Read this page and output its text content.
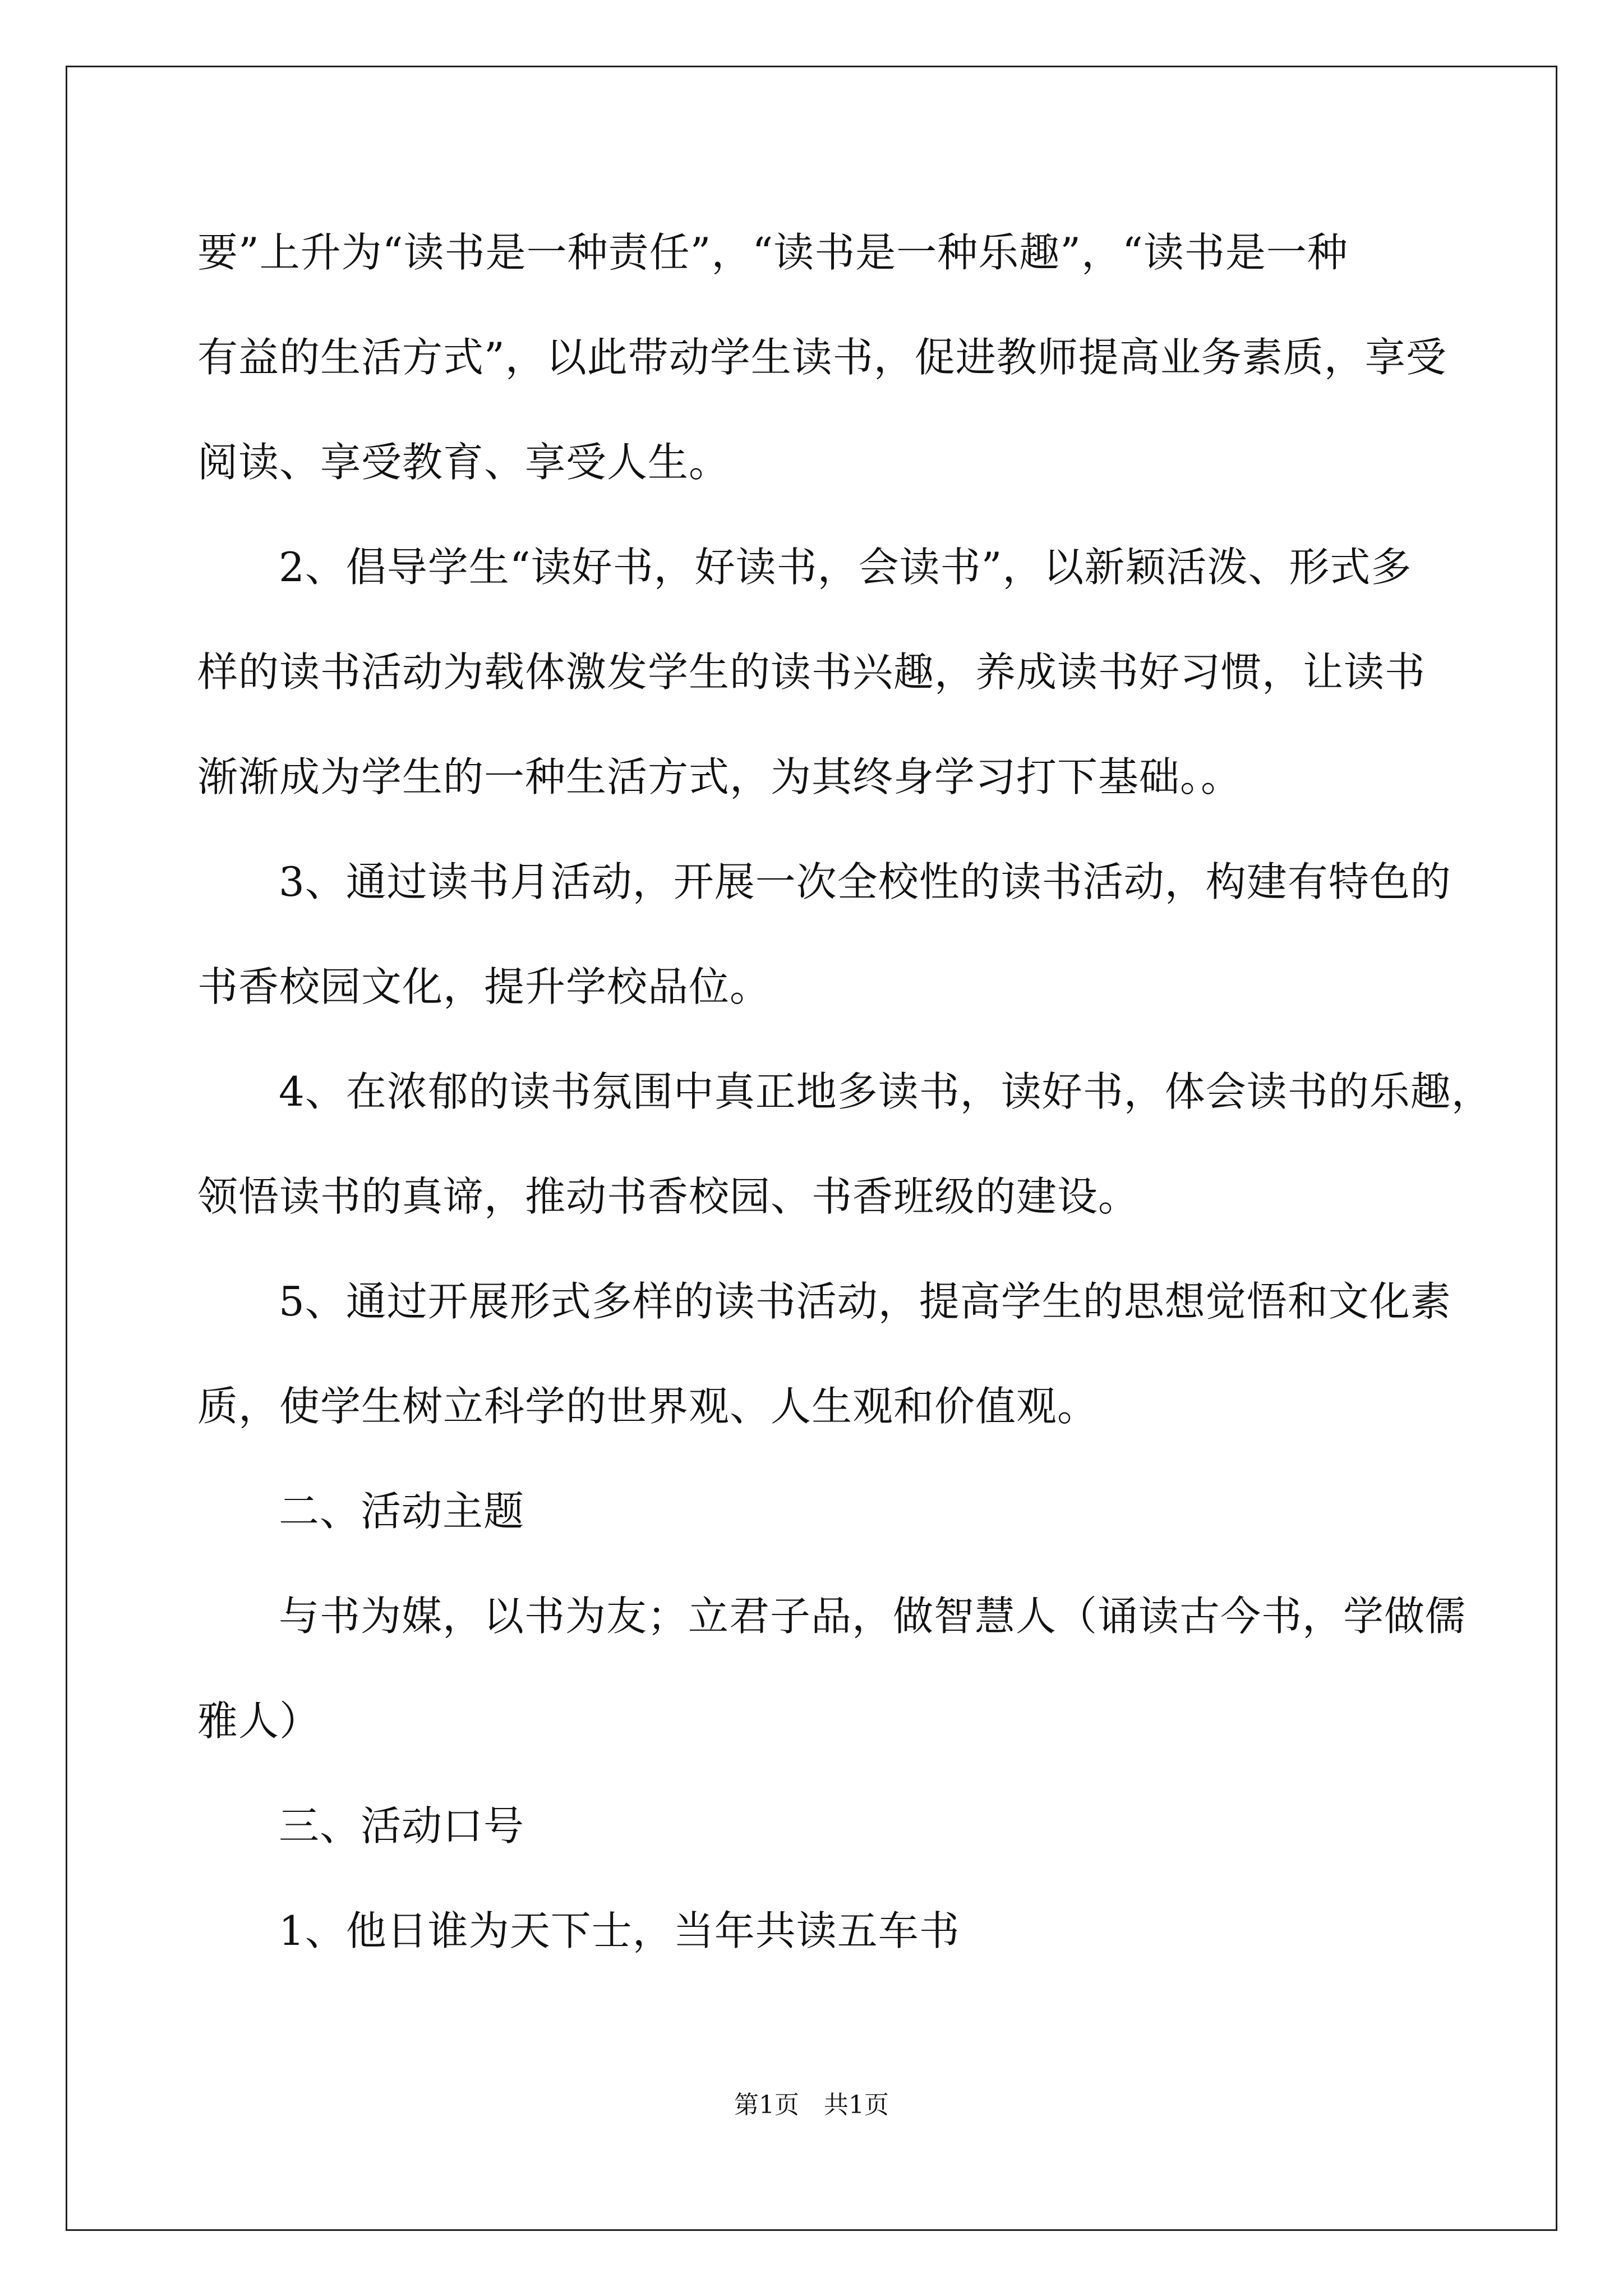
要”上升为“读书是一种责任”，“读书是一种乐趣”，“读书是一种
有益的生活方式”，以此带动学生读书，促进教师提高业务素质，享受
阅读、享受教育、享受人生。
2、倡导学生“读好书，好读书，会读书”，以新颖活泼、形式多
样的读书活动为载体激发学生的读书兴趣，养成读书好习惯，让读书
渐渐成为学生的一种生活方式，为其终身学习打下基础。。
3、通过读书月活动，开展一次全校性的读书活动，构建有特色的
书香校园文化，提升学校品位。
4、在浓郁的读书氛围中真正地多读书，读好书，体会读书的乐趣，
领悟读书的真谛，推动书香校园、书香班级的建设。
5、通过开展形式多样的读书活动，提高学生的思想觉悟和文化素
质，使学生树立科学的世界观、人生观和价值观。
二、活动主题
与书为媒，以书为友；立君子品，做智慧人（诵读古今书，学做儒
雅人）
三、活动口号
1、他日谁为天下士，当年共读五车书
第1页 共1页
